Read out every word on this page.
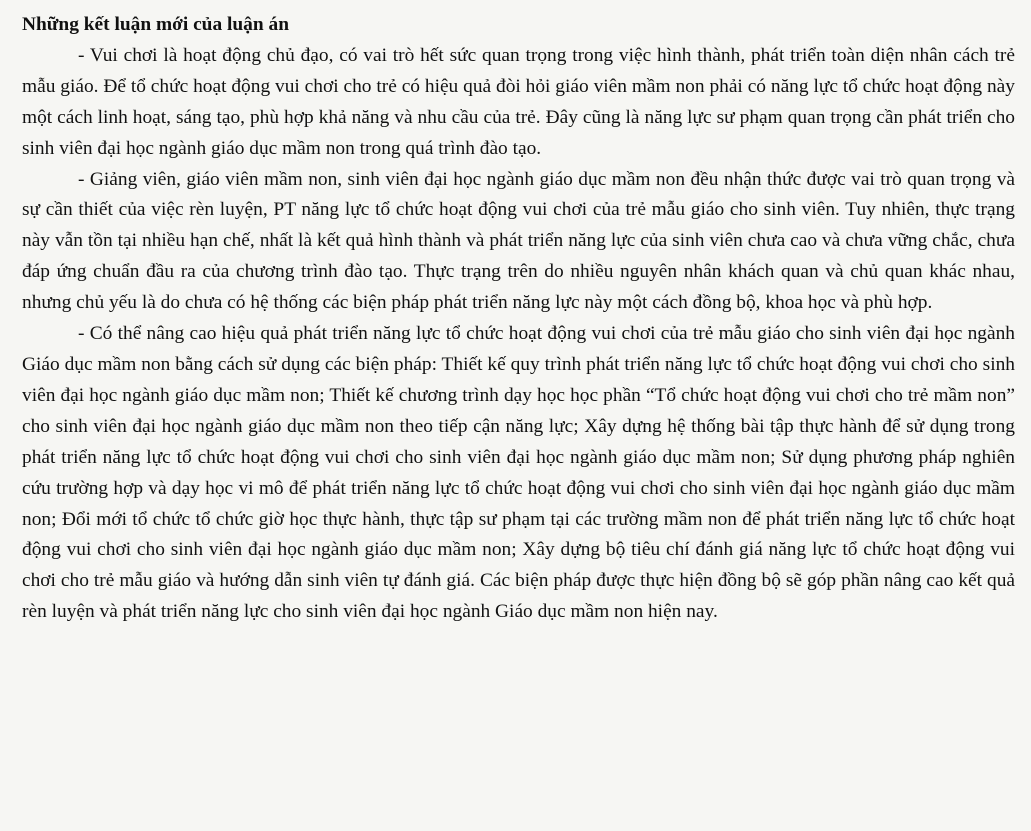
Những kết luận mới của luận án

- Vui chơi là hoạt động chủ đạo, có vai trò hết sức quan trọng trong việc hình thành, phát triển toàn diện nhân cách trẻ mẫu giáo. Để tổ chức hoạt động vui chơi cho trẻ có hiệu quả đòi hỏi giáo viên mầm non phải có năng lực tổ chức hoạt động này một cách linh hoạt, sáng tạo, phù hợp khả năng và nhu cầu của trẻ. Đây cũng là năng lực sư phạm quan trọng cần phát triển cho sinh viên đại học ngành giáo dục mầm non trong quá trình đào tạo.

- Giảng viên, giáo viên mầm non, sinh viên đại học ngành giáo dục mầm non đều nhận thức được vai trò quan trọng và sự cần thiết của việc rèn luyện, PT năng lực tổ chức hoạt động vui chơi của trẻ mẫu giáo cho sinh viên. Tuy nhiên, thực trạng này vẫn tồn tại nhiều hạn chế, nhất là kết quả hình thành và phát triển năng lực của sinh viên chưa cao và chưa vững chắc, chưa đáp ứng chuẩn đầu ra của chương trình đào tạo. Thực trạng trên do nhiều nguyên nhân khách quan và chủ quan khác nhau, nhưng chủ yếu là do chưa có hệ thống các biện pháp phát triển năng lực này một cách đồng bộ, khoa học và phù hợp.

- Có thể nâng cao hiệu quả phát triển năng lực tổ chức hoạt động vui chơi của trẻ mẫu giáo cho sinh viên đại học ngành Giáo dục mầm non bằng cách sử dụng các biện pháp: Thiết kế quy trình phát triển năng lực tổ chức hoạt động vui chơi cho sinh viên đại học ngành giáo dục mầm non; Thiết kế chương trình dạy học học phần “Tổ chức hoạt động vui chơi cho trẻ mầm non” cho sinh viên đại học ngành giáo dục mầm non theo tiếp cận năng lực; Xây dựng hệ thống bài tập thực hành để sử dụng trong phát triển năng lực tổ chức hoạt động vui chơi cho sinh viên đại học ngành giáo dục mầm non; Sử dụng phương pháp nghiên cứu trường hợp và dạy học vi mô để phát triển năng lực tổ chức hoạt động vui chơi cho sinh viên đại học ngành giáo dục mầm non; Đổi mới tổ chức tổ chức giờ học thực hành, thực tập sư phạm tại các trường mầm non để phát triển năng lực tổ chức hoạt động vui chơi cho sinh viên đại học ngành giáo dục mầm non; Xây dựng bộ tiêu chí đánh giá năng lực tổ chức hoạt động vui chơi cho trẻ mẫu giáo và hướng dẫn sinh viên tự đánh giá. Các biện pháp được thực hiện đồng bộ sẽ góp phần nâng cao kết quả rèn luyện và phát triển năng lực cho sinh viên đại học ngành Giáo dục mầm non hiện nay.
